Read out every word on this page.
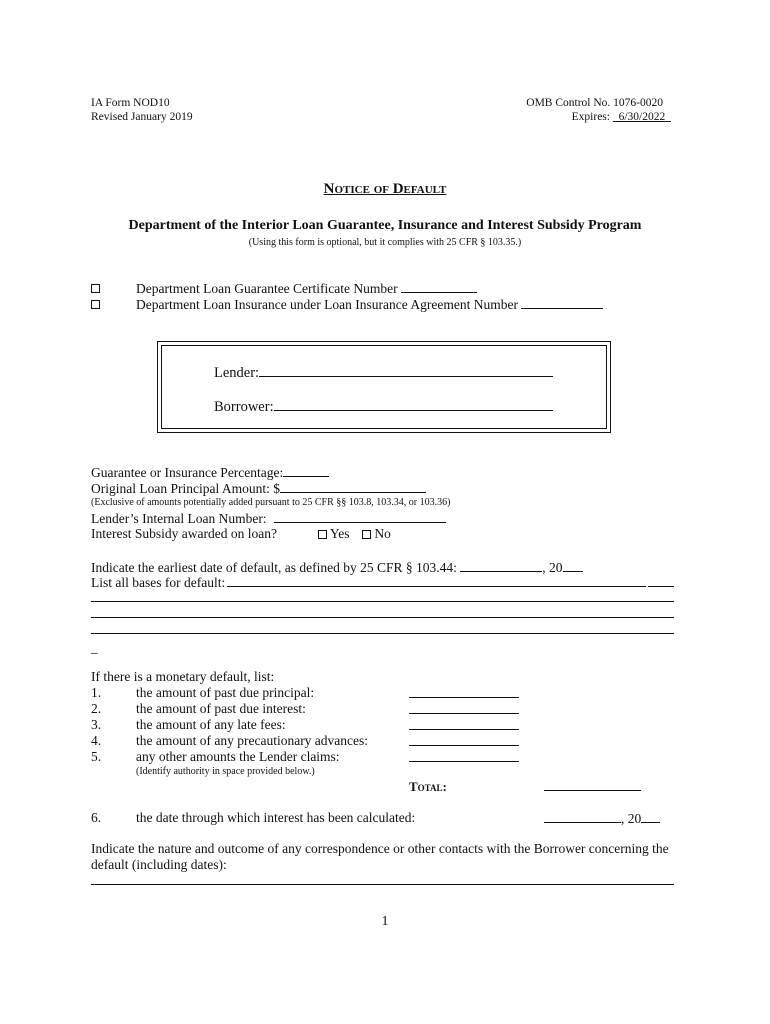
IA Form NOD10
Revised January 2019
OMB Control No. 1076-0020
Expires: 6/30/2022
Notice of Default
Department of the Interior Loan Guarantee, Insurance and Interest Subsidy Program
(Using this form is optional, but it complies with 25 CFR § 103.35.)
Department Loan Guarantee Certificate Number
Department Loan Insurance under Loan Insurance Agreement Number
Lender:
Borrower:
Guarantee or Insurance Percentage:
Original Loan Principal Amount: $
(Exclusive of amounts potentially added pursuant to 25 CFR §§ 103.8, 103.34, or 103.36)
Lender’s Internal Loan Number:
Interest Subsidy awarded on loan?	Yes	No
Indicate the earliest date of default, as defined by 25 CFR § 103.44:	, 20
List all bases for default:
_
If there is a monetary default, list:
1.	the amount of past due principal:
2.	the amount of past due interest:
3.	the amount of any late fees:
4.	the amount of any precautionary advances:
5.	any other amounts the Lender claims:
(Identify authority in space provided below.)
Total:
6.	the date through which interest has been calculated:	, 20
Indicate the nature and outcome of any correspondence or other contacts with the Borrower concerning the
default (including dates):
1
